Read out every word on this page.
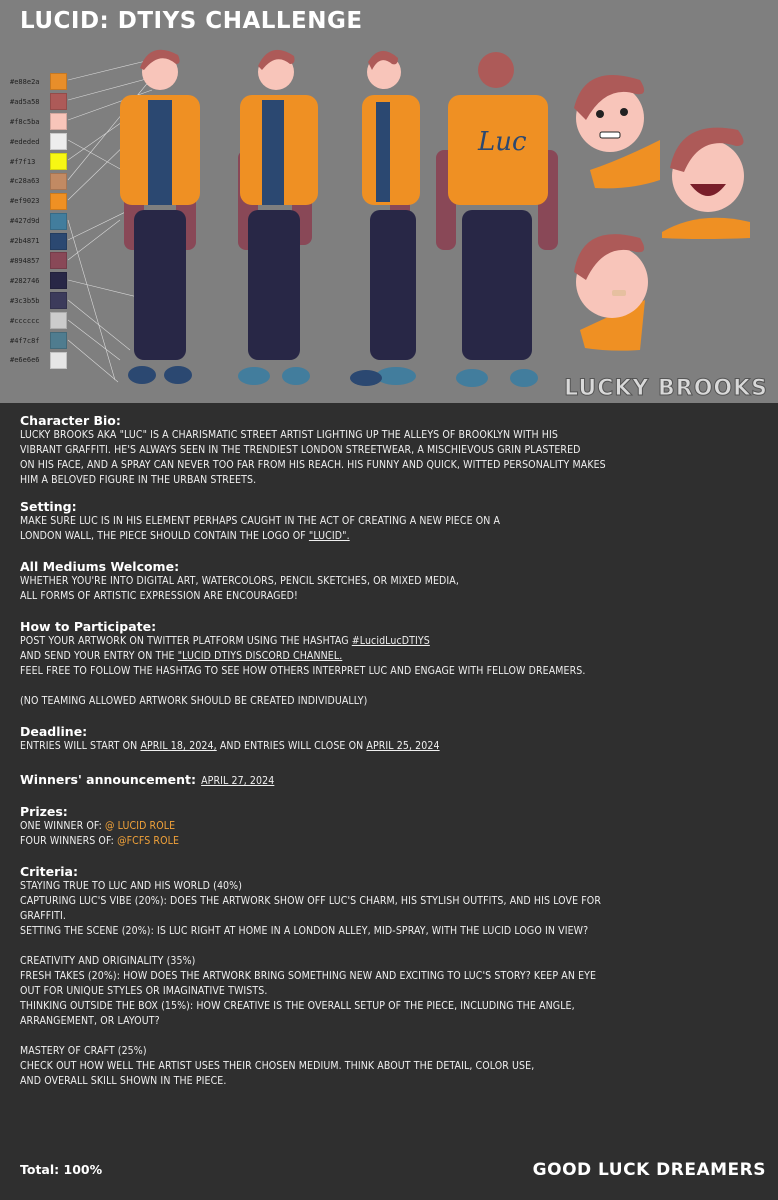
Luc
LUCID: DTIYS CHALLENGE
#e88e2a
#ad5a58
#f8c5ba
#ededed
#f7f13
#c28a63
#ef9023
#427d9d
#2b4871
#894857
#282746
#3c3b5b
#cccccc
#4f7c8f
#e6e6e6
LUCKY BROOKS
Character Bio:
LUCKY BROOKS AKA "LUC" IS A CHARISMATIC STREET ARTIST LIGHTING UP THE ALLEYS OF BROOKLYN WITH HIS
VIBRANT GRAFFITI. HE'S ALWAYS SEEN IN THE TRENDIEST LONDON STREETWEAR, A MISCHIEVOUS GRIN PLASTERED
ON HIS FACE, AND A SPRAY CAN NEVER TOO FAR FROM HIS REACH. HIS FUNNY AND QUICK, WITTED PERSONALITY MAKES
HIM A BELOVED FIGURE IN THE URBAN STREETS.
Setting:
MAKE SURE LUC IS IN HIS ELEMENT PERHAPS CAUGHT IN THE ACT OF CREATING A NEW PIECE ON A
LONDON WALL, THE PIECE SHOULD CONTAIN THE LOGO OF "LUCID".
All Mediums Welcome:
WHETHER YOU'RE INTO DIGITAL ART, WATERCOLORS, PENCIL SKETCHES, OR MIXED MEDIA,
ALL FORMS OF ARTISTIC EXPRESSION ARE ENCOURAGED!
How to Participate:
POST YOUR ARTWORK ON TWITTER PLATFORM USING THE HASHTAG #LucidLucDTIYS
AND SEND YOUR ENTRY ON THE "LUCID DTIYS DISCORD CHANNEL.
FEEL FREE TO FOLLOW THE HASHTAG TO SEE HOW OTHERS INTERPRET LUC AND ENGAGE WITH FELLOW DREAMERS.
(NO TEAMING ALLOWED ARTWORK SHOULD BE CREATED INDIVIDUALLY)
Deadline:
ENTRIES WILL START ON APRIL 18, 2024, AND ENTRIES WILL CLOSE ON APRIL 25, 2024
Winners' announcement: APRIL 27, 2024
Prizes:
ONE WINNER OF: @ LUCID ROLE
FOUR WINNERS OF: @FCFS ROLE
Criteria:
STAYING TRUE TO LUC AND HIS WORLD (40%)
CAPTURING LUC'S VIBE (20%): DOES THE ARTWORK SHOW OFF LUC'S CHARM, HIS STYLISH OUTFITS, AND HIS LOVE FOR
GRAFFITI.
SETTING THE SCENE (20%): IS LUC RIGHT AT HOME IN A LONDON ALLEY, MID-SPRAY, WITH THE LUCID LOGO IN VIEW?
CREATIVITY AND ORIGINALITY (35%)
FRESH TAKES (20%): HOW DOES THE ARTWORK BRING SOMETHING NEW AND EXCITING TO LUC'S STORY? KEEP AN EYE
OUT FOR UNIQUE STYLES OR IMAGINATIVE TWISTS.
THINKING OUTSIDE THE BOX (15%): HOW CREATIVE IS THE OVERALL SETUP OF THE PIECE, INCLUDING THE ANGLE,
ARRANGEMENT, OR LAYOUT?
MASTERY OF CRAFT (25%)
CHECK OUT HOW WELL THE ARTIST USES THEIR CHOSEN MEDIUM. THINK ABOUT THE DETAIL, COLOR USE,
AND OVERALL SKILL SHOWN IN THE PIECE.
Total: 100%	GOOD LUCK DREAMERS
